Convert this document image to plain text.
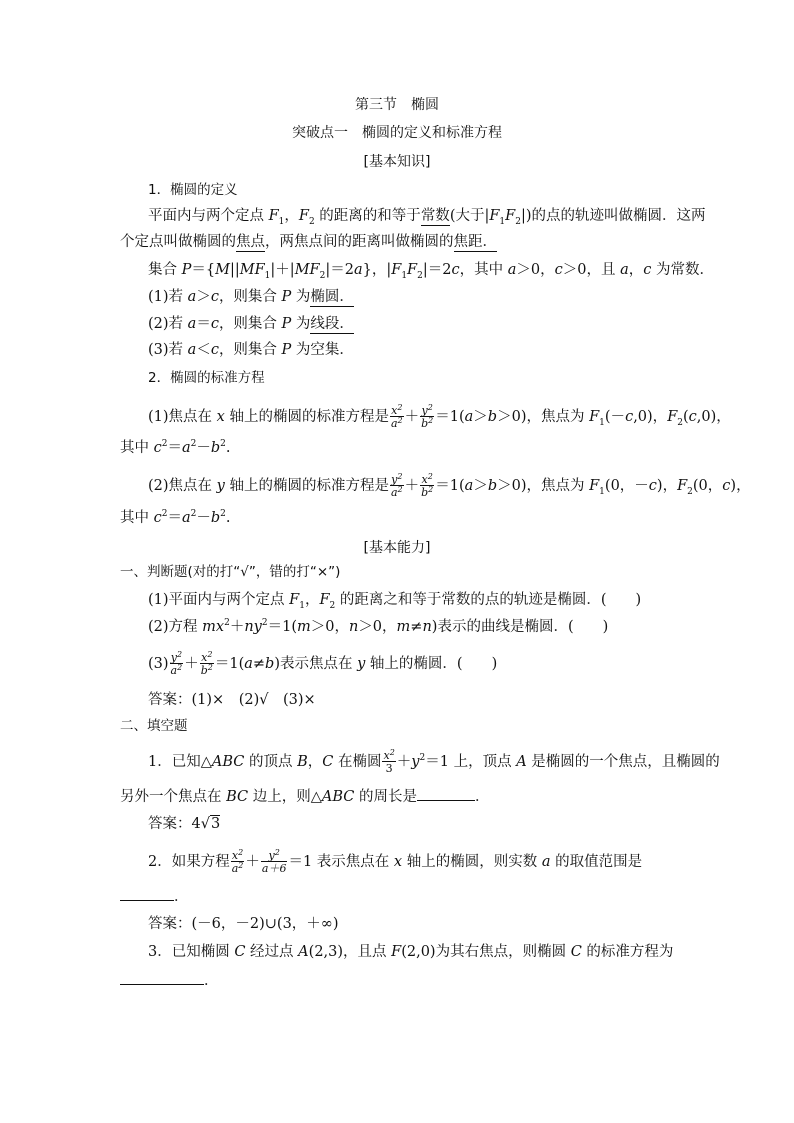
第三节　椭圆
突破点一　椭圆的定义和标准方程
[基本知识]
1．椭圆的定义
平面内与两个定点 $F_1$，$F_2$ 的距离的和等于常数(大于$|F_1F_2|$)的点的轨迹叫做椭圆．这两
个定点叫做椭圆的焦点，两焦点间的距离叫做椭圆的焦距．
集合 $P=\{M||MF_1|+|MF_2|=2a\}$，$|F_1F_2|=2c$，其中 a＞0，c＞0，且 a，c 为常数．
(1)若 a＞c，则集合 P 为椭圆．
(2)若 a＝c，则集合 P 为线段．
(3)若 a＜c，则集合 P 为空集．
2．椭圆的标准方程
(1)焦点在 x 轴上的椭圆的标准方程是 $\frac{x^2}{a^2} + \frac{y^2}{b^2} =1(a>b>0)$，焦点为 $F_1(-c,0)$，$F_2(c,0)$，
其中 $c^2=a^2-b^2$.
(2)焦点在 y 轴上的椭圆的标准方程是 $\frac{y^2}{a^2} + \frac{x^2}{b^2} =1(a>b>0)$，焦点为 $F_1(0$，－c)，$F_2(0$，c)，
其中 $c^2=a^2-b^2$.
[基本能力]
一、判断题(对的打“√”，错的打“×”)
(1)平面内与两个定点 $F_1$，$F_2$ 的距离之和等于常数的点的轨迹是椭圆．(　　)
(2)方程 $mx^2+ny^2=1(m>0$，n＞0，m≠n)表示的曲线是椭圆．(　　)
$(3) \frac{y^2}{a^2} + \frac{x^2}{b^2} =1(a\ne b)$表示焦点在 y 轴上的椭圆．(　　)
答案：(1)×　(2)√　(3)×
二、填空题
1．已知△ABC 的顶点 B，C 在椭圆 $\frac{x^2}{3} +y^2=1$ 上，顶点 A 是椭圆的一个焦点，且椭圆的
另外一个焦点在 BC 边上，则△ABC 的周长是	．
答案：4√3
2．如果方程 $\frac{x^2}{a^2} + \frac{y^2}{a+6} =1$ 表示焦点在 x 轴上的椭圆，则实数 a 的取值范围是
．
答案：(－6，－2)∪(3，＋∞)
3．已知椭圆 C 经过点 A(2,3)，且点 F(2,0)为其右焦点，则椭圆 C 的标准方程为
．
